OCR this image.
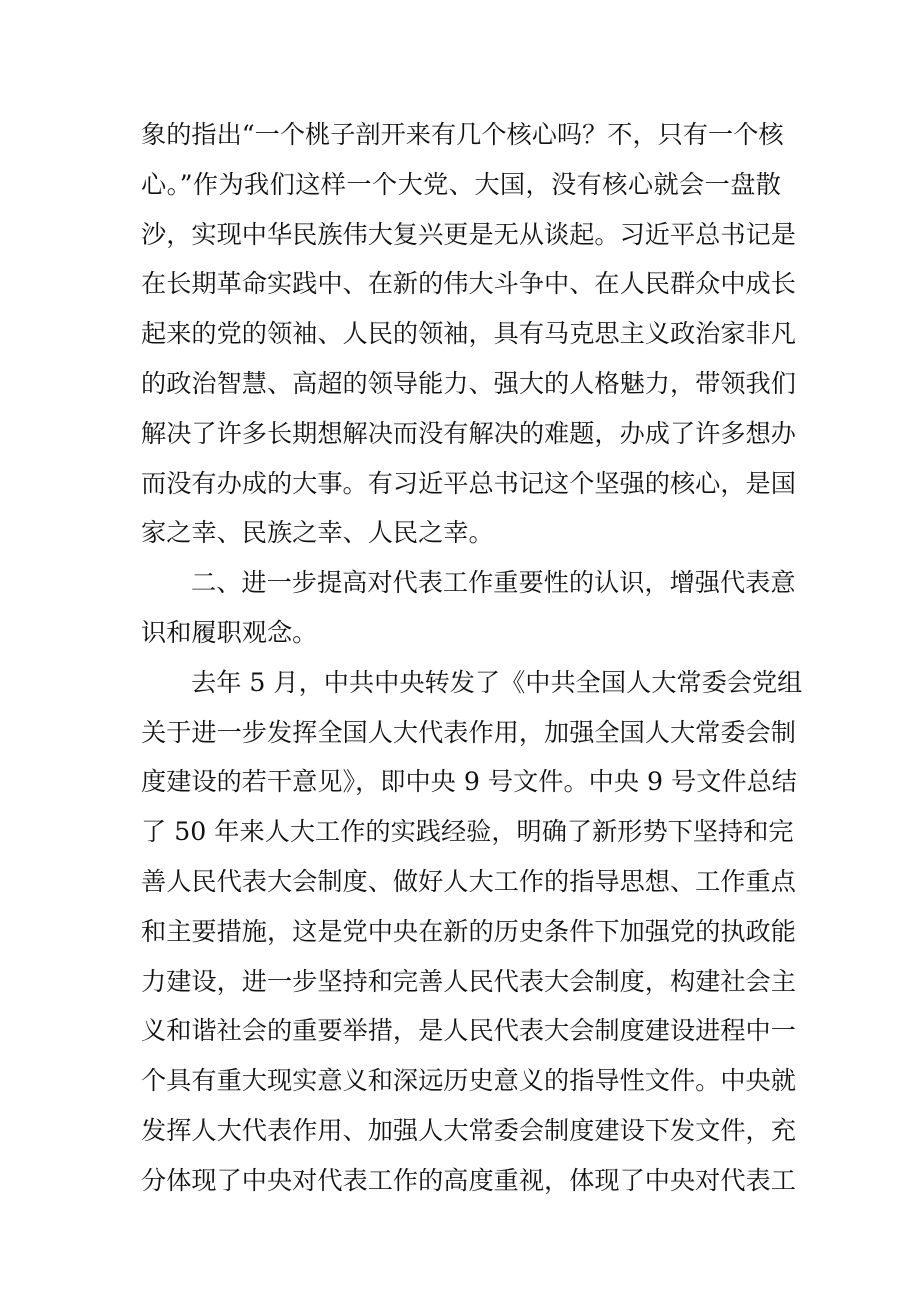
象的指出“一个桃子剖开来有几个核心吗？不，只有一个核
心。”作为我们这样一个大党、大国，没有核心就会一盘散
沙，实现中华民族伟大复兴更是无从谈起。习近平总书记是
在长期革命实践中、在新的伟大斗争中、在人民群众中成长
起来的党的领袖、人民的领袖，具有马克思主义政治家非凡
的政治智慧、高超的领导能力、强大的人格魅力，带领我们
解决了许多长期想解决而没有解决的难题，办成了许多想办
而没有办成的大事。有习近平总书记这个坚强的核心，是国
家之幸、民族之幸、人民之幸。
二、进一步提高对代表工作重要性的认识，增强代表意
识和履职观念。
去年 5 月，中共中央转发了《中共全国人大常委会党组
关于进一步发挥全国人大代表作用，加强全国人大常委会制
度建设的若干意见》，即中央 9 号文件。中央 9 号文件总结
了 50 年来人大工作的实践经验，明确了新形势下坚持和完
善人民代表大会制度、做好人大工作的指导思想、工作重点
和主要措施，这是党中央在新的历史条件下加强党的执政能
力建设，进一步坚持和完善人民代表大会制度，构建社会主
义和谐社会的重要举措，是人民代表大会制度建设进程中一
个具有重大现实意义和深远历史意义的指导性文件。中央就
发挥人大代表作用、加强人大常委会制度建设下发文件，充
分体现了中央对代表工作的高度重视，体现了中央对代表工
